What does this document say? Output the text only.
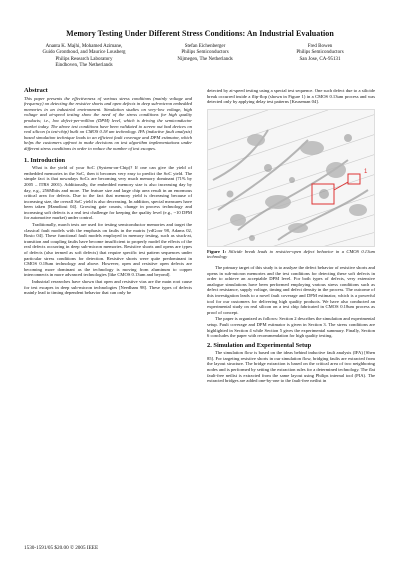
Memory Testing Under Different Stress Conditions: An Industrial Evaluation
Ananta K. Majhi, Mohamed Azimane,
Guido Gronthoud, and Maurice Lousberg
Philips Research Laboratory
Eindhoven, The Netherlands
Stefan Eichenberger
Philips Semiconductors
Nijmegen, The Netherlands
Fred Bowen
Philips Semiconductors
San Jose, CA-95131
Abstract
This paper presents the effectiveness of various stress conditions (mainly voltage and frequency) on detecting the resistive shorts and open defects in deep sub-micron embedded memories in an industrial environment. Simulation studies on very-low voltage, high voltage and at-speed testing show the need of the stress conditions for high quality products; i.e., low defect-per-million (DPM) level, which is driving the semiconductor market today. The above test conditions have been validated to screen out bad devices on real silicon (a test-chip) built on CMOS 0.18 um technology. IFA (inductive fault analysis) based simulation technique leads to an efficient fault coverage and DPM estimator, which helps the customers upfront to make decisions on test algorithm implementations under different stress conditions in order to reduce the number of test escapes.
1. Introduction
What is the yield of your SoC (System-on-Chip)? If one can give the yield of embedded memories in the SoC, then it becomes very easy to predict the SoC yield. The simple fact is that nowadays SoCs are becoming very much memory dominant (71% by 2005 – ITRS 2001). Additionally, the embedded memory size is also increasing day by day, e.g., 256Mbits and more. The feature size and large chip area result in an enormous critical area for defects. Due to the fact that memory yield is decreasing because of increasing size, the overall SoC yield is also decreasing. In addition, special measures have been taken [Hamdioui 04]. Growing gate counts, change in process technology and increasing soft defects is a real test challenge for keeping the quality level (e.g., ~10 DPM for automotive market) under control.
Traditionally, march tests are used for testing semiconductor memories and target the classical fault models with the emphasis on faults in the matrix [vdGoor 98, Adams 02, Bosio 04]. These functional fault models employed in memory testing, such as stuck-at, transition and coupling faults have become insufficient to properly model the effects of the real defects occurring in deep sub-micron memories. Resistive shorts and opens are types of defects (also termed as soft defects) that require specific test pattern sequences under particular stress conditions for detection. Resistive shorts were quite predominant in CMOS 0.18um technology and above. However, open and resistive open defects are becoming more dominant as the technology is moving from aluminum to copper interconnects in more advanced technologies [like CMOS 0.13um and beyond].
Industrial researches have shown that open and resistive vias are the main root cause for test escapes in deep sub-micron technologies [Needham 98]. These types of defects mainly lead to timing dependent behavior that can only be
detected by at-speed testing using a special test sequence. One such defect due to a silicide break occurred inside a flip-flop (shown in Figure 1) in a CMOS 0.13um process and was detected only by applying delay test patterns [Kruseman 04].
1
Figure 1: Silicide break leads to resistive-open defect behavior in a CMOS 0.13um technology
The primary target of this study is to analyze the defect behavior of resistive shorts and opens in sub-micron memories and the test conditions for detecting these soft defects in order to achieve an acceptable DPM level. For both types of defects, very extensive analogue simulations have been performed employing various stress conditions such as defect resistance, supply voltage, timing and defect density in the process. The outcome of this investigation leads to a novel fault coverage and DPM estimator, which is a powerful tool for our customers for delivering high quality products. We have also conducted an experimental study on real silicon on a test chip fabricated in CMOS 0.18um process as proof of concept.
The paper is organized as follows: Section 2 describes the simulation and experimental setup. Fault coverage and DPM estimator is given in Section 3. The stress conditions are highlighted in Section 4 while Section 5 gives the experimental summary. Finally, Section 6 concludes the paper with recommendation for high quality testing.
2. Simulation and Experimental Setup
The simulation flow is based on the ideas behind inductive fault analysis (IFA) [Shen 85]. For targeting resistive shorts in our simulation flow, bridging faults are extracted from the layout structure. The bridge extraction is based on the critical area of two neighboring nodes and is performed by setting the extraction rules for a determined technology. The flat fault-free netlist is extracted from the same layout using Philips internal tool (PIA). The extracted bridges are added one-by-one to the fault-free netlist in
1530-1591/05 $20.00 © 2005 IEEE
